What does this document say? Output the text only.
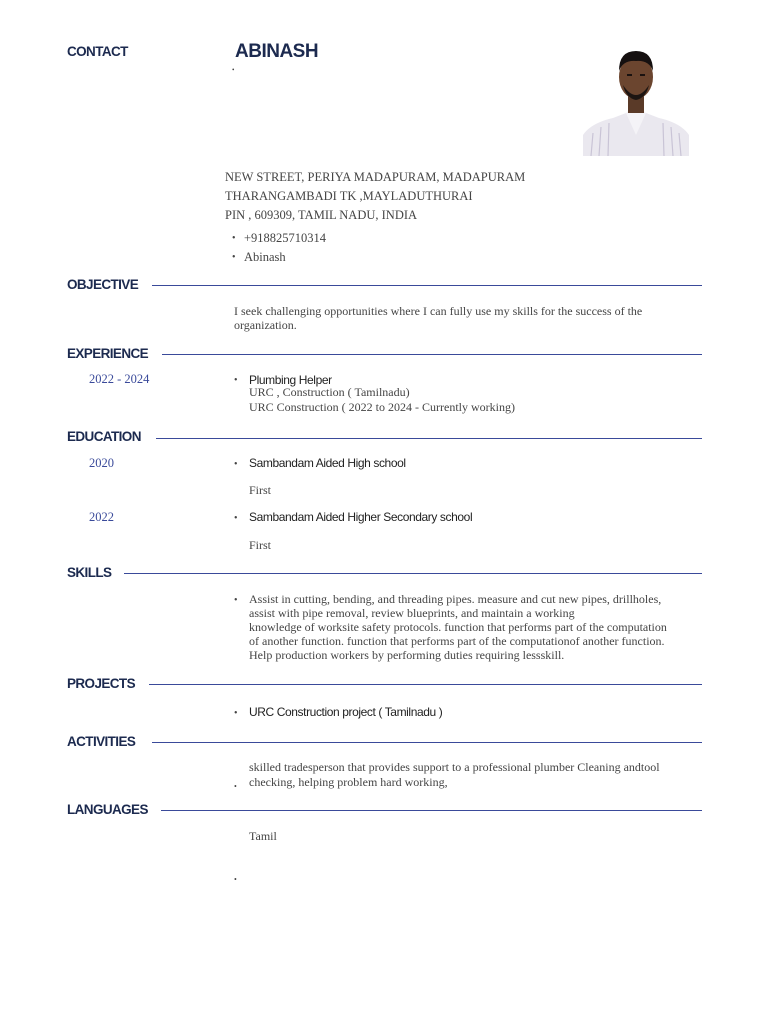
CONTACT	ABINASH
•
NEW STREET, PERIYA MADAPURAM, MADAPURAM
THARANGAMBADI TK ,MAYLADUTHURAI
PIN , 609309, TAMIL NADU, INDIA
• +918825710314
• Abinash
OBJECTIVE
I seek challenging opportunities where I can fully use my skills for the success of the
organization.
EXPERIENCE
2022 - 2024	• Plumbing Helper
URC , Construction ( Tamilnadu)
URC Construction ( 2022 to 2024 - Currently working)
EDUCATION
2020	• Sambandam Aided High school
First
2022	• Sambandam Aided Higher Secondary school
First
SKILLS
• Assist in cutting, bending, and threading pipes. measure and cut new pipes, drillholes,
assist with pipe removal, review blueprints, and maintain a working
knowledge of worksite safety protocols. function that performs part of the computation
of another function. function that performs part of the computationof another function.
Help production workers by performing duties requiring lessskill.
PROJECTS
• URC Construction project ( Tamilnadu )
ACTIVITIES
skilled tradesperson that provides support to a professional plumber Cleaning andtool
checking, helping problem hard working,
•
LANGUAGES
Tamil
•
